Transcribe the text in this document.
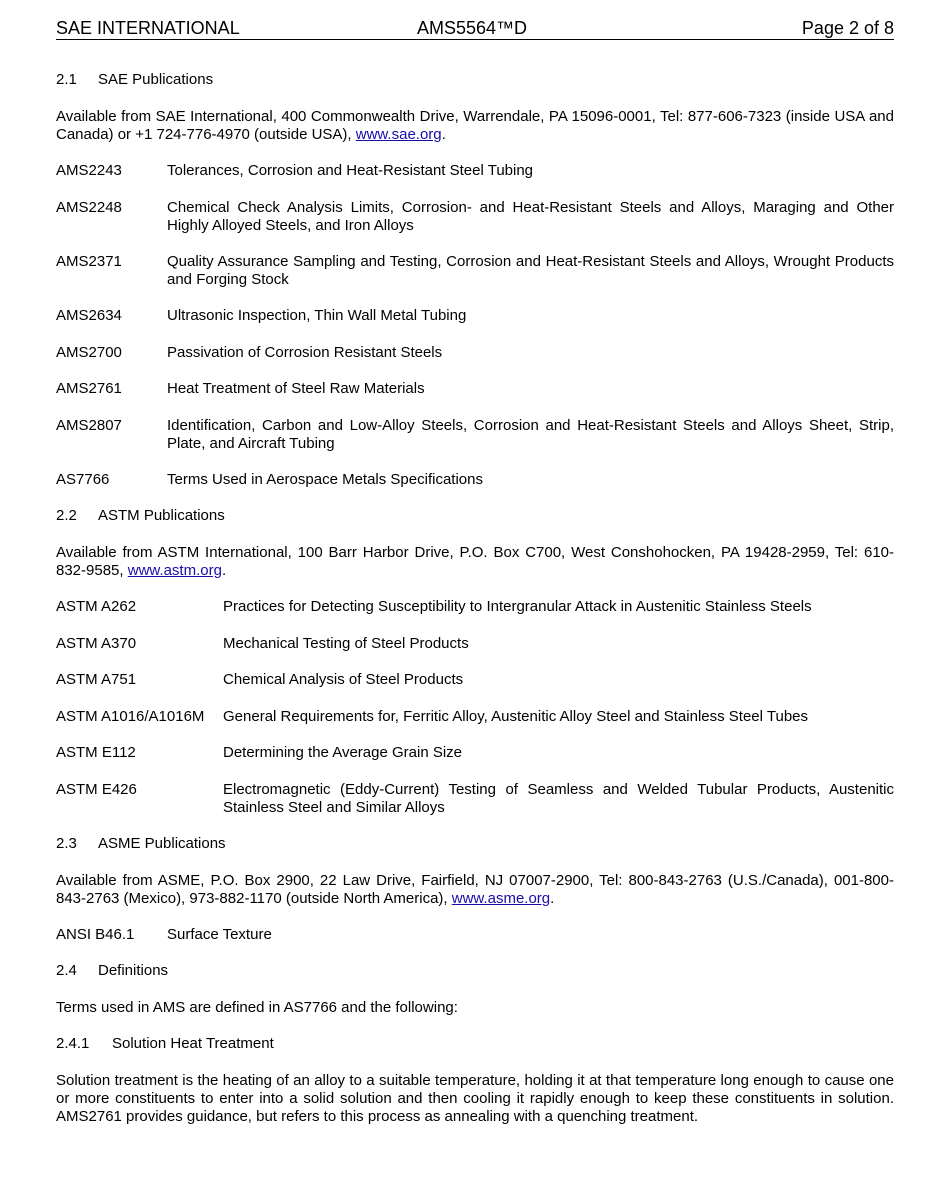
SAE INTERNATIONAL	AMS5564™D	Page 2 of 8
2.1 SAE Publications
Available from SAE International, 400 Commonwealth Drive, Warrendale, PA 15096-0001, Tel: 877-606-7323 (inside USA and Canada) or +1 724-776-4970 (outside USA), www.sae.org.
AMS2243	Tolerances, Corrosion and Heat-Resistant Steel Tubing
AMS2248	Chemical Check Analysis Limits, Corrosion- and Heat-Resistant Steels and Alloys, Maraging and Other Highly Alloyed Steels, and Iron Alloys
AMS2371	Quality Assurance Sampling and Testing, Corrosion and Heat-Resistant Steels and Alloys, Wrought Products and Forging Stock
AMS2634	Ultrasonic Inspection, Thin Wall Metal Tubing
AMS2700	Passivation of Corrosion Resistant Steels
AMS2761	Heat Treatment of Steel Raw Materials
AMS2807	Identification, Carbon and Low-Alloy Steels, Corrosion and Heat-Resistant Steels and Alloys Sheet, Strip, Plate, and Aircraft Tubing
AS7766	Terms Used in Aerospace Metals Specifications
2.2 ASTM Publications
Available from ASTM International, 100 Barr Harbor Drive, P.O. Box C700, West Conshohocken, PA 19428-2959, Tel: 610-832-9585, www.astm.org.
ASTM A262	Practices for Detecting Susceptibility to Intergranular Attack in Austenitic Stainless Steels
ASTM A370	Mechanical Testing of Steel Products
ASTM A751	Chemical Analysis of Steel Products
ASTM A1016/A1016M General Requirements for, Ferritic Alloy, Austenitic Alloy Steel and Stainless Steel Tubes
ASTM E112	Determining the Average Grain Size
ASTM E426	Electromagnetic (Eddy-Current) Testing of Seamless and Welded Tubular Products, Austenitic Stainless Steel and Similar Alloys
2.3 ASME Publications
Available from ASME, P.O. Box 2900, 22 Law Drive, Fairfield, NJ 07007-2900, Tel: 800-843-2763 (U.S./Canada), 001-800-843-2763 (Mexico), 973-882-1170 (outside North America), www.asme.org.
ANSI B46.1 Surface Texture
2.4 Definitions
Terms used in AMS are defined in AS7766 and the following:
2.4.1 Solution Heat Treatment
Solution treatment is the heating of an alloy to a suitable temperature, holding it at that temperature long enough to cause one or more constituents to enter into a solid solution and then cooling it rapidly enough to keep these constituents in solution. AMS2761 provides guidance, but refers to this process as annealing with a quenching treatment.
